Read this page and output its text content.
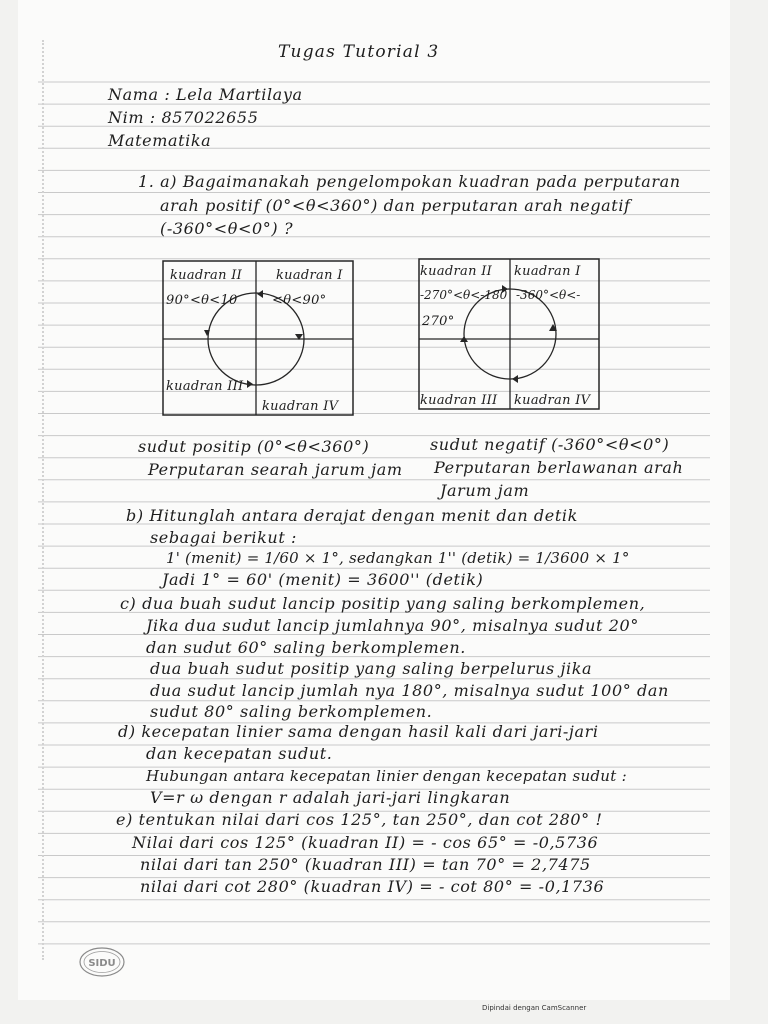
Tugas Tutorial 3
Nama : Lela Martilaya
Nim : 857022655
Matematika
1. a) Bagaimanakah pengelompokan kuadran pada perputaran
arah positif (0°<θ<360°) dan perputaran arah negatif
(-360°<θ<0°) ?
kuadran II	kuadran I
90°<θ<10	<θ<90°
kuadran III
kuadran IV
kuadran II kuadran I
-270°<θ<-180 -360°<θ<-
270°
kuadran III kuadran IV
sudut positip (0°<θ<360°)	sudut negatif (-360°<θ<0°)
Perputaran searah jarum jam Perputaran berlawanan arah
Jarum jam
b) Hitunglah antara derajat dengan menit dan detik
sebagai berikut :
1' (menit) = 1/60 × 1°, sedangkan 1'' (detik) = 1/3600 × 1°
Jadi 1° = 60' (menit) = 3600'' (detik)
c) dua buah sudut lancip positip yang saling berkomplemen,
Jika dua sudut lancip jumlahnya 90°, misalnya sudut 20°
dan sudut 60° saling berkomplemen.
dua buah sudut positip yang saling berpelurus jika
dua sudut lancip jumlah nya 180°, misalnya sudut 100° dan
sudut 80° saling berkomplemen.
d) kecepatan linier sama dengan hasil kali dari jari-jari
dan kecepatan sudut.
Hubungan antara kecepatan linier dengan kecepatan sudut :
V=r ω dengan r adalah jari-jari lingkaran
e) tentukan nilai dari cos 125°, tan 250°, dan cot 280° !
Nilai dari cos 125° (kuadran II) = - cos 65° = -0,5736
nilai dari tan 250° (kuadran III) = tan 70° = 2,7475
nilai dari cot 280° (kuadran IV) = - cot 80° = -0,1736
SIDU
Dipindai dengan CamScanner
